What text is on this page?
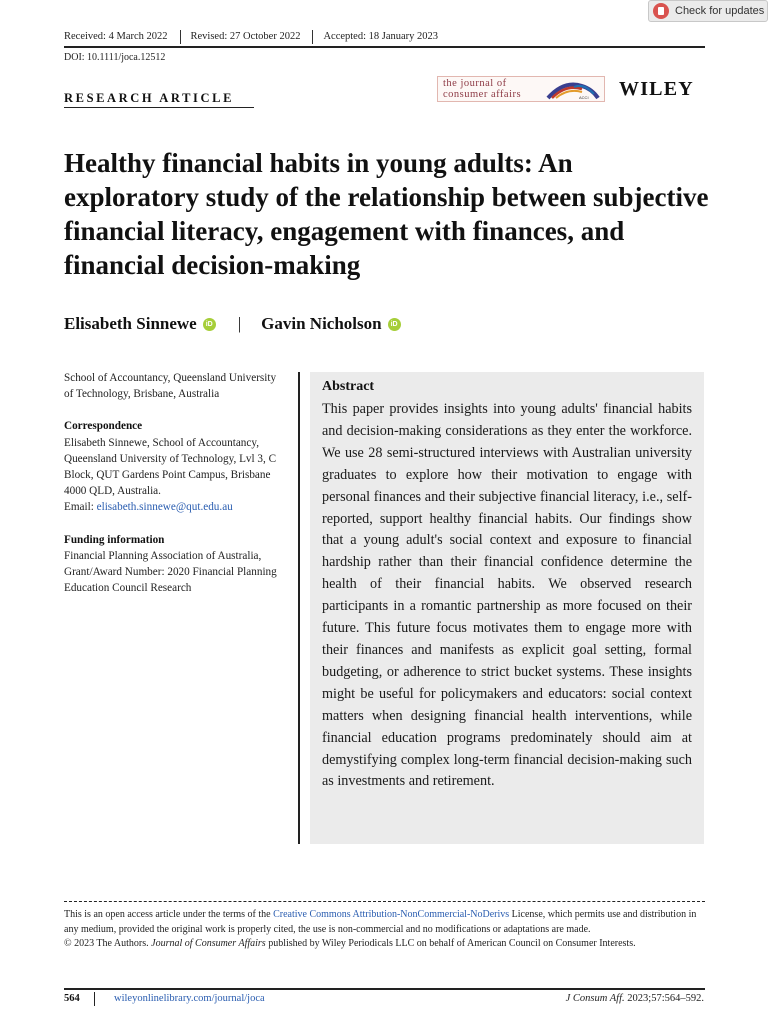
Check for updates
Received: 4 March 2022	Revised: 27 October 2022	Accepted: 18 January 2023
DOI: 10.1111/joca.12512
RESEARCH ARTICLE
the journal of
consumer affairs	ACCI WILEY
Healthy financial habits in young adults: An exploratory study of the relationship between subjective financial literacy, engagement with finances, and financial decision-making
Elisabeth Sinnewe	iD | Gavin Nicholson	iD
School of Accountancy, Queensland University of Technology, Brisbane, Australia
Correspondence
Elisabeth Sinnewe, School of Accountancy, Queensland University of Technology, Lvl 3, C Block, QUT Gardens Point Campus, Brisbane 4000 QLD, Australia.
Email: elisabeth.sinnewe@qut.edu.au
Funding information
Financial Planning Association of Australia, Grant/Award Number: 2020 Financial Planning Education Council Research
Abstract

This paper provides insights into young adults' financial habits and decision-making considerations as they enter the workforce. We use 28 semi-structured interviews with Australian university graduates to explore how their motivation to engage with personal finances and their subjective financial literacy, i.e., self-reported, support healthy financial habits. Our findings show that a young adult's social context and exposure to financial hardship rather than their financial confidence determine the health of their financial habits. We observed research participants in a romantic partnership as more focused on their future. This future focus motivates them to engage more with their finances and manifests as explicit goal setting, formal budgeting, or adherence to strict bucket systems. These insights might be useful for policymakers and educators: social context matters when designing financial health interventions, while financial education programs predominately should aim at demystifying complex long-term financial decision-making such as investments and retirement.

This is an open access article under the terms of the Creative Commons Attribution-NonCommercial-NoDerivs License, which permits use and distribution in any medium, provided the original work is properly cited, the use is non-commercial and no modifications or adaptations are made.
© 2023 The Authors. Journal of Consumer Affairs published by Wiley Periodicals LLC on behalf of American Council on Consumer Interests.
564	wileyonlinelibrary.com/journal/joca	J Consum Aff. 2023;57:564–592.
